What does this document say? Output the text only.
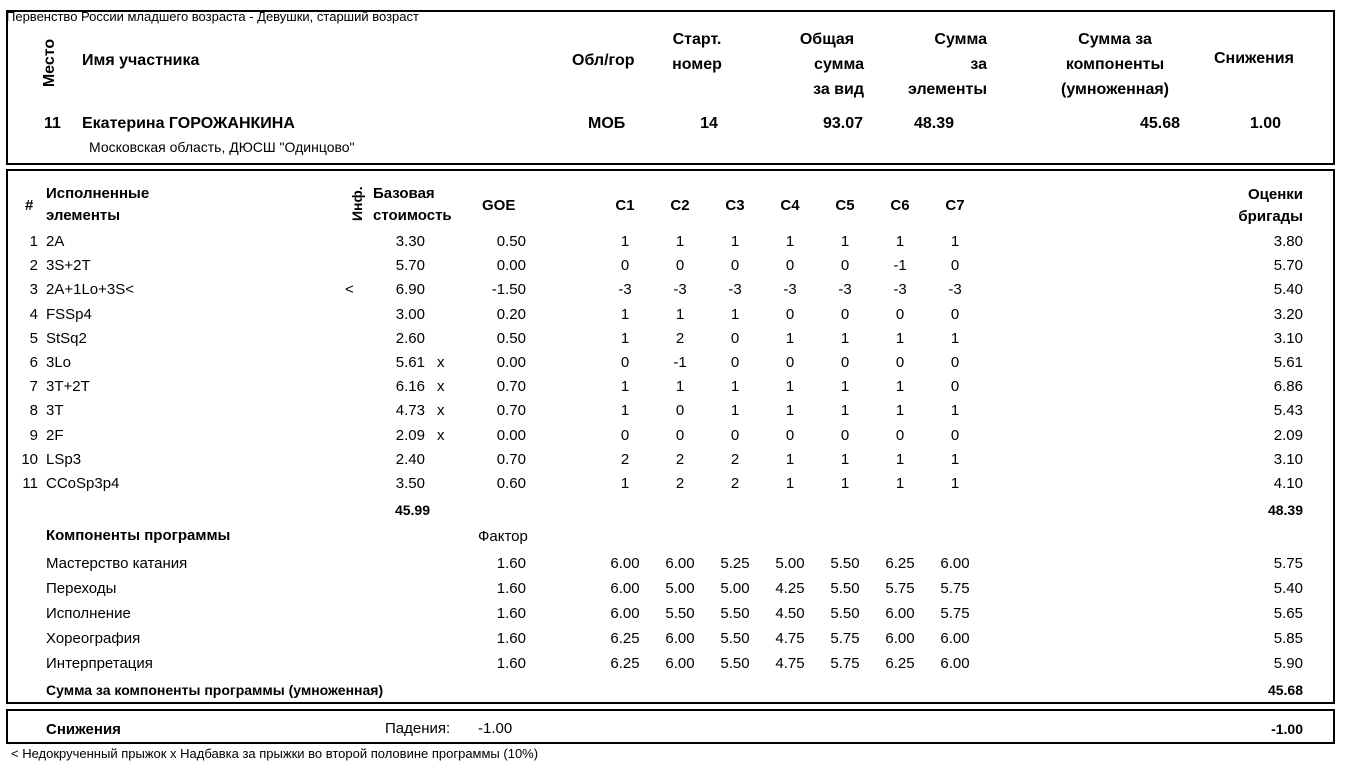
Первенство России младшего возраста - Девушки, старший возраст
Место Имя участника	Обл/гор
Старт.
номер
Общая
сумма
за вид
Сумма
за
элементы
Сумма за
компоненты
(умноженная)
Снижения
11 Екатерина ГОРОЖАНКИНА
Московская область, ДЮСШ "Одинцово"
МОБ	14	93.07	48.39	45.68	1.00
#
Исполненные
элементы	Инф. Базовая
стоимость
GOE	C1	C2	C3	C4	C5	C6	C7
Оценки
бригады
1 2A	3.30	0.50	1	1	1	1	1	1	1	3.80
2 3S+2T	5.70	0.00	0	0	0	0	0	-1	0	5.70
3 2A+1Lo+3S<	<	6.90	-1.50	-3	-3	-3	-3	-3	-3	-3	5.40
4 FSSp4	3.00	0.20	1	1	1	0	0	0	0	3.20
5 StSq2	2.60	0.50	1	2	0	1	1	1	1	3.10
6 3Lo	5.61 x	0.00	0	-1	0	0	0	0	0	5.61
7 3T+2T	6.16 x	0.70	1	1	1	1	1	1	0	6.86
8 3T	4.73 x	0.70	1	0	1	1	1	1	1	5.43
9 2F	2.09 x	0.00	0	0	0	0	0	0	0	2.09
10 LSp3	2.40	0.70	2	2	2	1	1	1	1	3.10
11 CCoSp3p4	3.50	0.60	1	2	2	1	1	1	1	4.10
45.99	48.39
Компоненты программы	Фактор
Мастерство катания	1.60	6.00	6.00	5.25	5.00	5.50	6.25	6.00	5.75
Переходы	1.60	6.00	5.00	5.00	4.25	5.50	5.75	5.75	5.40
Исполнение	1.60	6.00	5.50	5.50	4.50	5.50	6.00	5.75	5.65
Хореография	1.60	6.25	6.00	5.50	4.75	5.75	6.00	6.00	5.85
Интерпретация	1.60	6.25	6.00	5.50	4.75	5.75	6.25	6.00	5.90
Сумма за компоненты программы (умноженная)	45.68
Снижения	Падения: -1.00	-1.00
< Недокрученный прыжок x Надбавка за прыжки во второй половине программы (10%)
